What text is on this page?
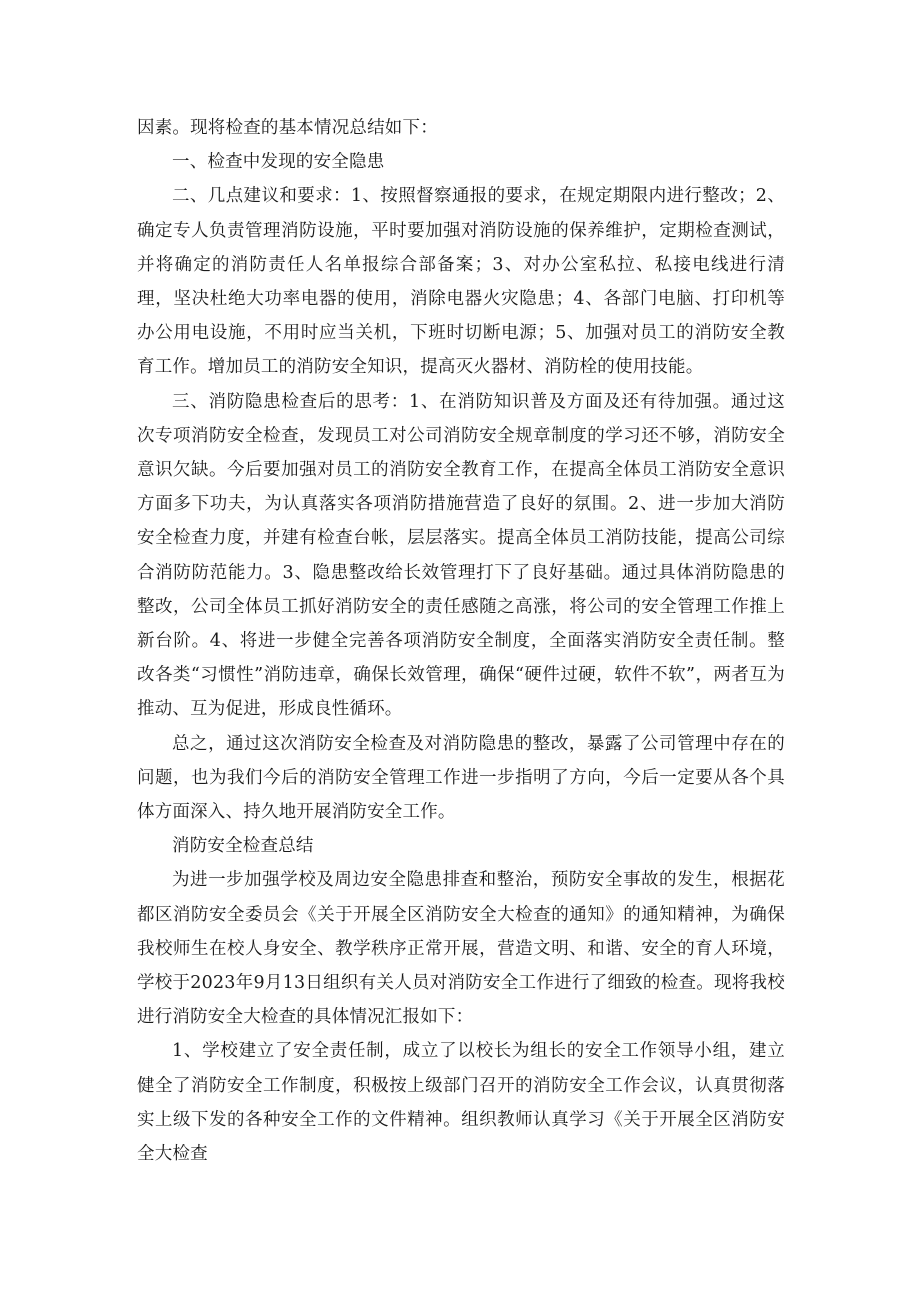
因素。现将检查的基本情况总结如下：

一、检查中发现的安全隐患

二、几点建议和要求：1、按照督察通报的要求，在规定期限内进行整改；2、确定专人负责管理消防设施，平时要加强对消防设施的保养维护，定期检查测试，并将确定的消防责任人名单报综合部备案；3、对办公室私拉、私接电线进行清理，坚决杜绝大功率电器的使用，消除电器火灾隐患；4、各部门电脑、打印机等办公用电设施，不用时应当关机，下班时切断电源；5、加强对员工的消防安全教育工作。增加员工的消防安全知识，提高灭火器材、消防栓的使用技能。

三、消防隐患检查后的思考：1、在消防知识普及方面及还有待加强。通过这次专项消防安全检查，发现员工对公司消防安全规章制度的学习还不够，消防安全意识欠缺。今后要加强对员工的消防安全教育工作，在提高全体员工消防安全意识方面多下功夫，为认真落实各项消防措施营造了良好的氛围。2、进一步加大消防安全检查力度，并建有检查台帐，层层落实。提高全体员工消防技能，提高公司综合消防防范能力。3、隐患整改给长效管理打下了良好基础。通过具体消防隐患的整改，公司全体员工抓好消防安全的责任感随之高涨，将公司的安全管理工作推上新台阶。4、将进一步健全完善各项消防安全制度，全面落实消防安全责任制。整改各类“习惯性”消防违章，确保长效管理，确保“硬件过硬，软件不软”，两者互为推动、互为促进，形成良性循环。

总之，通过这次消防安全检查及对消防隐患的整改，暴露了公司管理中存在的问题，也为我们今后的消防安全管理工作进一步指明了方向，今后一定要从各个具体方面深入、持久地开展消防安全工作。

消防安全检查总结

为进一步加强学校及周边安全隐患排查和整治，预防安全事故的发生，根据花都区消防安全委员会《关于开展全区消防安全大检查的通知》的通知精神，为确保我校师生在校人身安全、教学秩序正常开展，营造文明、和谐、安全的育人环境，学校于2023年9月13日组织有关人员对消防安全工作进行了细致的检查。现将我校进行消防安全大检查的具体情况汇报如下：

1、学校建立了安全责任制，成立了以校长为组长的安全工作领导小组，建立健全了消防安全工作制度，积极按上级部门召开的消防安全工作会议，认真贯彻落实上级下发的各种安全工作的文件精神。组织教师认真学习《关于开展全区消防安全大检查
